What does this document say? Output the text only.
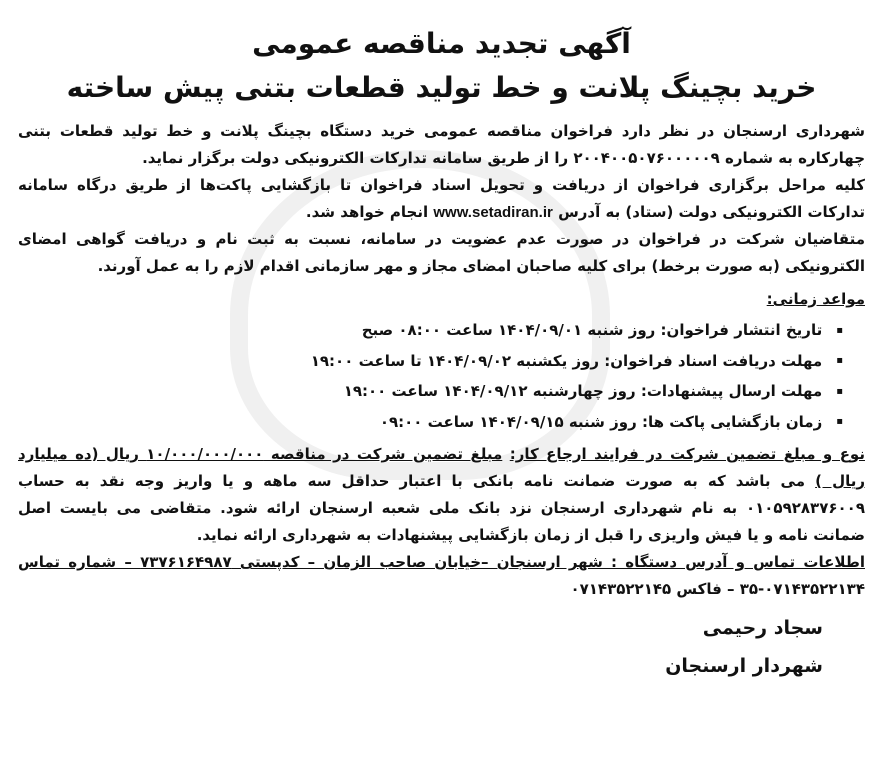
آگهی تجدید مناقصه عمومی
خرید بچینگ پلانت و خط تولید قطعات بتنی پیش ساخته

شهرداری ارسنجان در نظر دارد فراخوان مناقصه عمومی خرید دستگاه بچینگ پلانت و خط تولید قطعات بتنی چهارکاره به شماره ۲۰۰۴۰۰۵۰۷۶۰۰۰۰۰۹ را از طریق سامانه تدارکات الکترونیکی دولت برگزار نماید.

کلیه مراحل برگزاری فراخوان از دریافت و تحویل اسناد فراخوان تا بازگشایی پاکت‌ها از طریق درگاه سامانه تدارکات الکترونیکی دولت (ستاد) به آدرس www.setadiran.ir انجام خواهد شد.

متقاضیان شرکت در فراخوان در صورت عدم عضویت در سامانه، نسبت به ثبت نام و دریافت گواهی امضای الکترونیکی (به صورت برخط) برای کلیه صاحبان امضای مجاز و مهر سازمانی اقدام لازم را به عمل آورند.

مواعد زمانی:

▪ تاریخ انتشار فراخوان: روز شنبه ۱۴۰۴/۰۹/۰۱ ساعت ۰۸:۰۰ صبح
▪ مهلت دریافت اسناد فراخوان: روز یکشنبه ۱۴۰۴/۰۹/۰۲ تا ساعت ۱۹:۰۰
▪ مهلت ارسال پیشنهادات: روز چهارشنبه ۱۴۰۴/۰۹/۱۲ ساعت ۱۹:۰۰
▪ زمان بازگشایی پاکت ها: روز شنبه ۱۴۰۴/۰۹/۱۵ ساعت ۰۹:۰۰

نوع و مبلغ تضمین شرکت در فرایند ارجاع کار: مبلغ تضمین شرکت در مناقصه ۱۰/۰۰۰/۰۰۰/۰۰۰ ریال (ده میلیارد ریال ) می باشد که به صورت ضمانت نامه بانکی با اعتبار حداقل سه ماهه و یا واریز وجه نقد به حساب ۰۱۰۵۹۲۸۳۷۶۰۰۹ به نام شهرداری ارسنجان نزد بانک ملی شعبه ارسنجان ارائه شود. متقاضی می بایست اصل ضمانت نامه و یا فیش واریزی را قبل از زمان بازگشایی پیشنهادات به شهرداری ارائه نماید.

اطلاعات تماس و آدرس دستگاه : شهر ارسنجان –خیابان صاحب الزمان – کدپستی ۷۳۷۶۱۶۴۹۸۷ – شماره تماس ۰۷۱۴۳۵۲۲۱۳۴-۳۵ – فاکس ۰۷۱۴۳۵۲۲۱۴۵

سجاد رحیمی
شهردار ارسنجان
